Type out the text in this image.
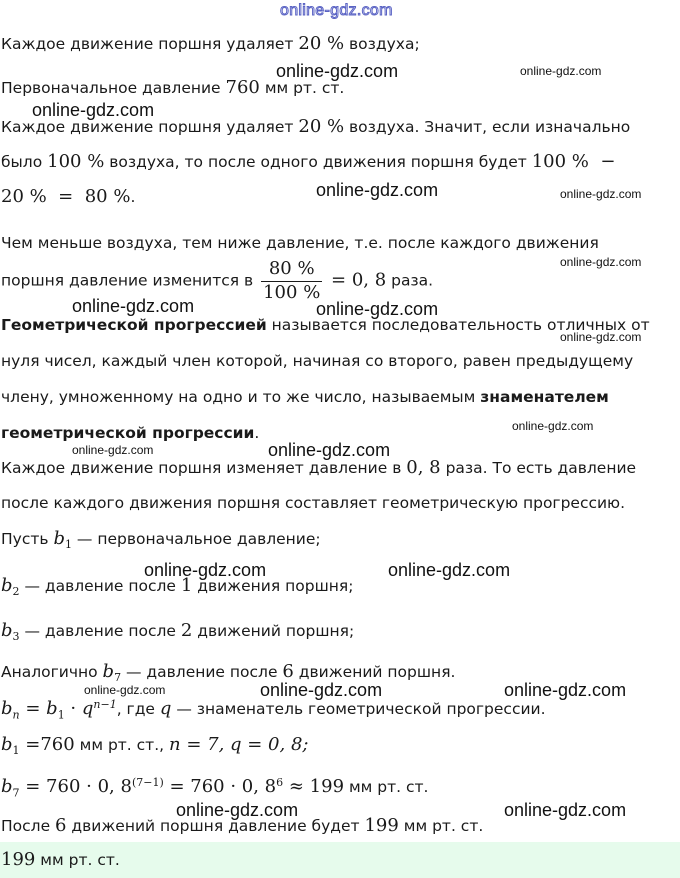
online-gdz.com
Каждое движение поршня удаляет 20 % воздуха;
Первоначальное давление 760 мм рт. ст.
Каждое движение поршня удаляет 20 % воздуха. Значит, если изначально
было 100 % воздуха, то после одного движения поршня будет 100 %  −
20 %  =  80 %.
Чем меньше воздуха, тем ниже давление, т.е. после каждого движения
поршня давление изменится в $\frac{80 \%}{100 \%} = 0$, 8 раза.
Геометрической прогрессией называется последовательность отличных от
нуля чисел, каждый член которой, начиная со второго, равен предыдущему
члену, умноженному на одно и то же число, называемым знаменателем
геометрической прогрессии.
Каждое движение поршня изменяет давление в 0, 8 раза. То есть давление
после каждого движения поршня составляет геометрическую прогрессию.
Пусть $b_1$ — первоначальное давление;
$b_2$ — давление после 1 движения поршня;
$b_3$ — давление после 2 движений поршня;
Аналогично $b_7$ — давление после 6 движений поршня.
$b_n = b_1 \cdot q^{n-1}$, где q — знаменатель геометрической прогрессии.
$b_1 =760$ мм рт. ст., n = 7, q = 0, 8;
$b_7 = 760 \cdot 0$, $8^{(7-1)} = 760 \cdot 0$, $8^6 \approx 199$ мм рт. ст.
После 6 движений поршня давление будет 199 мм рт. ст.
199 мм рт. ст.
online-gdz.com	online-gdz.com
online-gdz.com
online-gdz.com	online-gdz.com
online-gdz.com
online-gdz.com	online-gdz.com
online-gdz.com
online-gdz.com
online-gdz.com
online-gdz.com
online-gdz.com	online-gdz.com
online-gdz.com	online-gdz.com	online-gdz.com
online-gdz.com	online-gdz.com
